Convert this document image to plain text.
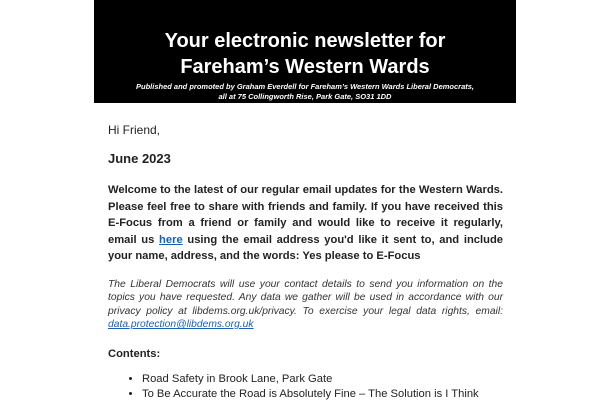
Your electronic newsletter for
Fareham’s Western Wards
Published and promoted by Graham Everdell for Fareham’s Western Wards Liberal Democrats,
all at 75 Collingworth Rise, Park Gate, SO31 1DD

Hi Friend,

June 2023

Welcome to the latest of our regular email updates for the Western Wards. Please feel free to share with friends and family. If you have received this E-Focus from a friend or family and would like to receive it regularly, email us here using the email address you'd like it sent to, and include your name, address, and the words: Yes please to E-Focus

The Liberal Democrats will use your contact details to send you information on the topics you have requested. Any data we gather will be used in accordance with our privacy policy at libdems.org.uk/privacy. To exercise your legal data rights, email: data.protection@libdems.org.uk

Contents:

• Road Safety in Brook Lane, Park Gate
• To Be Accurate the Road is Absolutely Fine – The Solution is I Think
